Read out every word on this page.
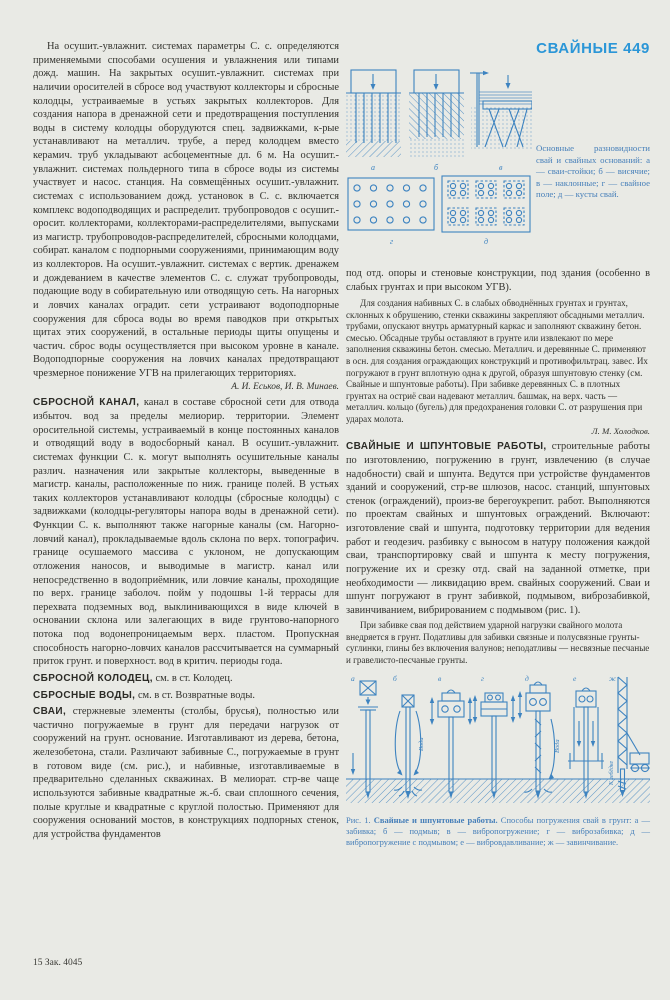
На осушит.-увлажнит. системах параметры С. с. определяются применяемыми способами осушения и увлажнения или типами дожд. машин. На закрытых осушит.-увлажнит. системах при наличии оросителей в сбросе вод участвуют коллекторы и сбросные колодцы, устраиваемые в устьях закрытых коллекторов. Для создания напора в дренажной сети и предотвращения поступления воды в систему колодцы оборудуются спец. задвижками, к-рые устанавливают на металлич. трубе, а перед колодцем вместо керамич. труб укладывают асбоцементные дл. 6 м. На осушит.-увлажнит. системах польдерного типа в сбросе воды из системы участвует и насос. станция. На совмещённых осушит.-увлажнит. системах с использованием дожд. установок в С. с. включается комплекс водоподводящих и распределит. трубопроводов с осушит.-оросит. коллекторами, коллекторами-распределителями, выпусками из магистр. трубопроводов-распределителей, сбросными колодцами, собират. каналом с подпорными сооружениями, принимающим воду из коллекторов. На осушит.-увлажнит. системах с вертик. дренажем и дождеванием в качестве элементов С. с. служат трубопроводы, подающие воду в собирательную или отводящую сеть. На нагорных и ловчих каналах оградит. сети устраивают водоподпорные сооружения для сброса воды во время паводков при открытых щитах этих сооружений, в остальные периоды щиты опущены и частич. сброс воды осуществляется при высоком уровне в канале. Водоподпорные сооружения на ловчих каналах предотвращают чрезмерное понижение УГВ на прилегающих территориях.

А. И. Еськов, И. В. Минаев.

СБРОСНОЙ КАНАЛ, канал в составе сбросной сети для отвода избыточ. вод за пределы мелиорир. территории. Элемент оросительной системы, устраиваемый в конце постоянных каналов и отводящий воду в водосборный канал. В осушит.-увлажнит. системах функции С. к. могут выполнять осушительные каналы различ. назначения или закрытые коллекторы, выведенные в магистр. каналы, расположенные по ниж. границе полей. В устьях таких коллекторов устанавливают колодцы (сбросные колодцы) с задвижками (колодцы-регуляторы напора воды в дренажной сети). Функции С. к. выполняют также нагорные каналы (см. Нагорно-ловчий канал), прокладываемые вдоль склона по верх. топографич. границе осушаемого массива с уклоном, не допускающим отложения наносов, и выводимые в магистр. канал или непосредственно в водоприёмник, или ловчие каналы, проходящие по верх. границе заболоч. пойм у подошвы 1-й террасы для перехвата подземных вод, выклинивающихся в виде ключей в основании склона или залегающих в виде грунтово-напорного потока под водонепроницаемым верх. пластом. Пропускная способность нагорно-ловчих каналов рассчитывается на суммарный приток грунт. и поверхност. вод в критич. периоды года.

СБРОСНОЙ КОЛОДЕЦ, см. в ст. Колодец.

СБРОСНЫЕ ВОДЫ, см. в ст. Возвратные воды.

СВАИ, стержневые элементы (столбы, брусья), полностью или частично погружаемые в грунт для передачи нагрузок от сооружений на грунт. основание. Изготавливают из дерева, бетона, железобетона, стали. Различают забивные С., погружаемые в грунт в готовом виде (см. рис.), и набивные, изготавливаемые в предварительно сделанных скважинах. В мелиорат. стр-ве чаще используются забивные квадратные ж.-б. сваи сплошного сечения, полые круглые и квадратные с круглой полостью. Применяют для сооружения оснований мостов, в конструкциях подпорных стенок, для устройства фундаментов

СВАЙНЫЕ 449
а	б	в
г	д
Основные разновидности свай и свайных оснований: а — сваи-стойки; б — висячие; в — наклонные; г — свайное поле; д — кусты свай.

под отд. опоры и стеновые конструкции, под здания (особенно в слабых грунтах и при высоком УГВ).

Для создания набивных С. в слабых обводнённых грунтах и грунтах, склонных к обрушению, стенки скважины закрепляют обсадными металлич. трубами, опускают внутрь арматурный каркас и заполняют скважину бетон. смесью. Обсадные трубы оставляют в грунте или извлекают по мере заполнения скважины бетон. смесью. Металлич. и деревянные С. применяют в осн. для создания ограждающих конструкций и противофильтрац. завес. Их погружают в грунт вплотную одна к другой, образуя шпунтовую стенку (см. Свайные и шпунтовые работы). При забивке деревянных С. в плотных грунтах на остриё сваи надевают металлич. башмак, на верх. часть — металлич. кольцо (бугель) для предохранения головки С. от разрушения при ударах молота.

Л. М. Холодков.

СВАЙНЫЕ И ШПУНТОВЫЕ РАБОТЫ, строительные работы по изготовлению, погружению в грунт, извлечению (в случае надобности) свай и шпунта. Ведутся при устройстве фундаментов зданий и сооружений, стр-ве шлюзов, насос. станций, шпунтовых стенок (ограждений), произ-ве берегоукрепит. работ. Выполняются по проектам свайных и шпунтовых ограждений. Включают: изготовление свай и шпунта, подготовку территории для ведения работ и геодезич. разбивку с выносом в натуру положения каждой сваи, транспортировку свай и шпунта к месту погружения, погружение их и срезку отд. свай на заданной отметке, при необходимости — ликвидацию врем. свайных сооружений. Сваи и шпунт погружают в грунт забивкой, подмывом, виброзабивкой, завинчиванием, вибрированием с подмывом (рис. 1).

При забивке свая под действием ударной нагрузки свайного молота внедряется в грунт. Податливы для забивки связные и полусвязные грунты-суглинки, глины без включения валунов; неподатливы — несвязные песчаные и гравелисто-песчаные грунты.

Вода	Вода
К лебёдке
а	б	в	г	д	е	ж

Рис. 1. Свайные и шпунтовые работы. Способы погружения свай в грунт: а — забивка; б — подмыв; в — вибропогружение; г — виброзабивка; д — вибропогружение с подмывом; е — вибровдавливание; ж — завинчивание.

15 Зак. 4045
